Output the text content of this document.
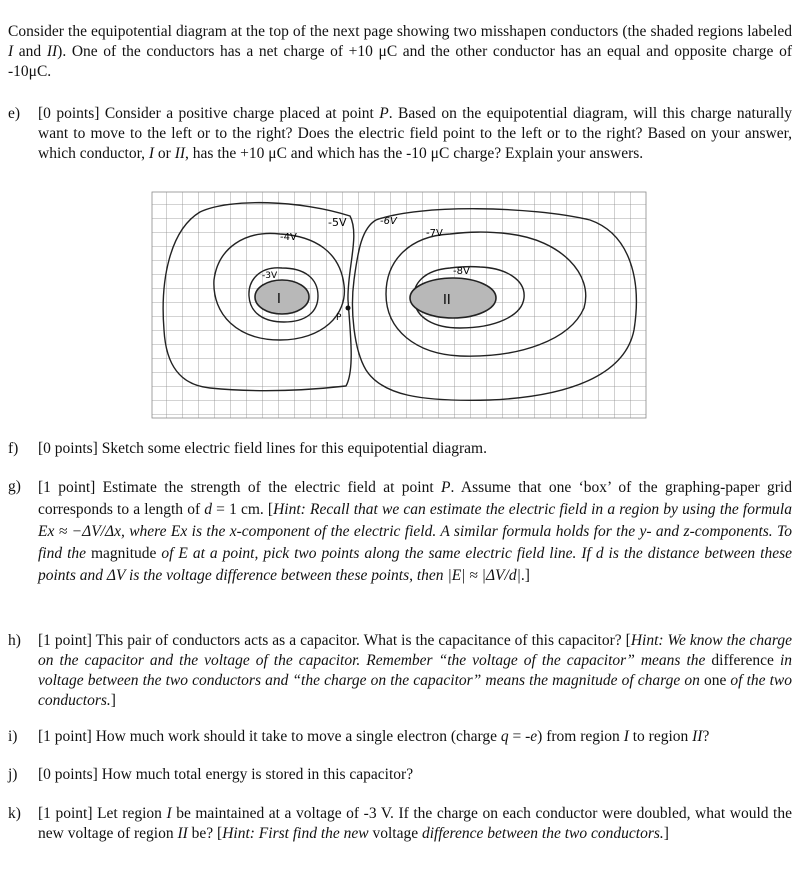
Consider the equipotential diagram at the top of the next page showing two misshapen conductors (the shaded regions labeled I and II). One of the conductors has a net charge of +10 μC and the other conductor has an equal and opposite charge of -10μC.

e)	[0 points] Consider a positive charge placed at point P. Based on the equipotential diagram, will this charge naturally want to move to the left or to the right? Does the electric field point to the left or to the right? Based on your answer, which conductor, I or II, has the +10 μC and which has the -10 μC charge? Explain your answers.
-5V	-6V
-4V	-7V
-3V	-8V
I	II
P
f)	[0 points] Sketch some electric field lines for this equipotential diagram.
g)	[1 point] Estimate the strength of the electric field at point P. Assume that one ‘box’ of the graphing-paper grid corresponds to a length of d = 1 cm. [Hint: Recall that we can estimate the electric field in a region by using the formula Ex ≈ −ΔV/Δx, where Ex is the x-component of the electric field. A similar formula holds for the y- and z-components. To find the magnitude of E at a point, pick two points along the same electric field line. If d is the distance between these points and ΔV is the voltage difference between these points, then |E| ≈ |ΔV/d|.]
h)	[1 point] This pair of conductors acts as a capacitor. What is the capacitance of this capacitor? [Hint: We know the charge on the capacitor and the voltage of the capacitor. Remember “the voltage of the capacitor” means the difference in voltage between the two conductors and “the charge on the capacitor” means the magnitude of charge on one of the two conductors.]
i)	[1 point] How much work should it take to move a single electron (charge q = -e) from region I to region II?
j)	[0 points] How much total energy is stored in this capacitor?
k)	[1 point] Let region I be maintained at a voltage of -3 V. If the charge on each conductor were doubled, what would the new voltage of region II be? [Hint: First find the new voltage difference between the two conductors.]
